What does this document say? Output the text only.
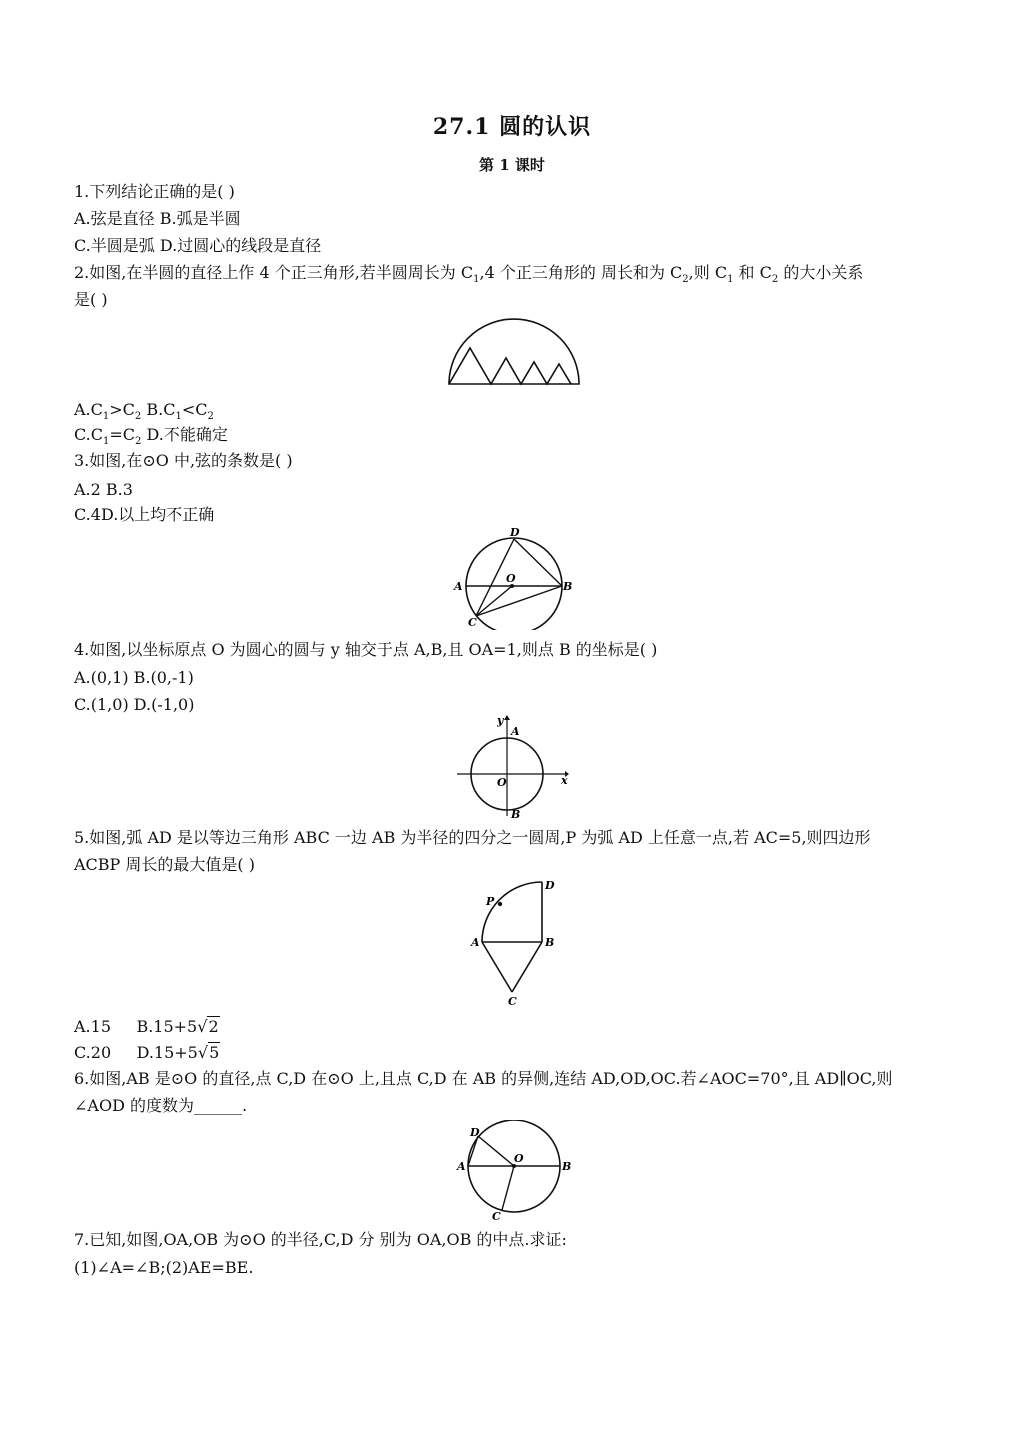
27.1 圆的认识
第 1 课时
1.下列结论正确的是( )
A.弦是直径 B.弧是半圆
C.半圆是弧 D.过圆心的线段是直径
2.如图,在半圆的直径上作 4 个正三角形,若半圆周长为 $C_1,4$ 个正三角形的 周长和为 $C_2$,则 $C_1$ 和 $C_2$ 的大小关系
是( )
$A.C_1>C_2$ $B.C_1<C_2$
$C.C_1=C_2$ D.不能确定
3.如图,在⊙O 中,弦的条数是( )
A.2 B.3
C.4D.以上均不正确
D
O
A	B
C
4.如图,以坐标原点 O 为圆心的圆与 y 轴交于点 A,B,且 OA=1,则点 B 的坐标是( )
A.(0,1) B.(0,-1)
C.(1,0) D.(-1,0)
y
A
O	x
B
5.如图,弧 AD 是以等边三角形 ABC 一边 AB 为半径的四分之一圆周,P 为弧 AD 上任意一点,若 AC=5,则四边形
ACBP 周长的最大值是( )
P
D
A	B
C
A.15 B.15+5√2
C.20 D.15+5√5
6.如图,AB 是⊙O 的直径,点 C,D 在⊙O 上,且点 C,D 在 AB 的异侧,连结 AD,OD,OC.若∠AOC=70°,且 AD∥OC,则
∠AOD 的度数为______.
D
A
O
B
C
7.已知,如图,OA,OB 为⊙O 的半径,C,D 分 别为 OA,OB 的中点.求证:
(1)∠A=∠B;(2)AE=BE.
